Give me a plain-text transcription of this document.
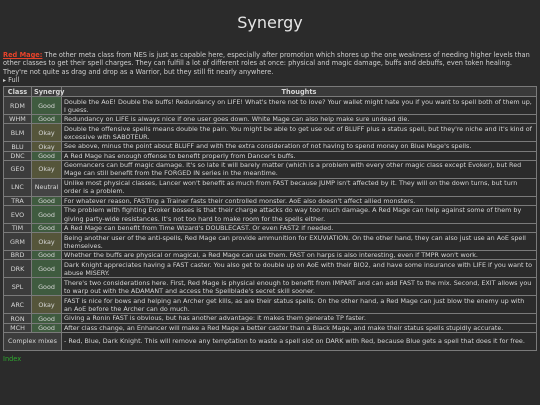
Synergy
Red Mage: The other meta class from NES is just as capable here, especially after promotion which shores up the one weakness of needing higher levels than other classes to get their spell charges. They can fulfill a lot of different roles at once: physical and magic damage, buffs and debuffs, even token healing. They're not quite as drag and drop as a Warrior, but they still fit nearly anywhere.
▸ Full
Class	Synergy	Thoughts
RDM	Good	Double the AoE! Double the buffs! Redundancy on LIFE! What's there not to love? Your wallet might hate you if you want to spell both of them up, I guess.
WHM	Good	Redundancy on LIFE is always nice if one user goes down. White Mage can also help make sure undead die.
BLM	Okay	Double the offensive spells means double the pain. You might be able to get use out of BLUFF plus a status spell, but they're niche and it's kind of excessive with SABOTEUR.
BLU	Okay	See above, minus the point about BLUFF and with the extra consideration of not having to spend money on Blue Mage's spells.
DNC	Good	A Red Mage has enough offense to benefit properly from Dancer's buffs.
GEO	Okay	Geomancers can buff magic damage. It's so late it will barely matter (which is a problem with every other magic class except Evoker), but Red Mage can still benefit from the FORGED IN series in the meantime.
LNC	Neutral	Unlike most physical classes, Lancer won't benefit as much from FAST because JUMP isn't affected by it. They will on the down turns, but turn order is a problem.
TRA	Good	For whatever reason, FASTing a Trainer fasts their controlled monster. AoE also doesn't affect allied monsters.
EVO	Good	The problem with fighting Evoker bosses is that their charge attacks do way too much damage. A Red Mage can help against some of them by giving party-wide resistances. It's not too hard to make room for the spells either.
TIM	Good	A Red Mage can benefit from Time Wizard's DOUBLECAST. Or even FAST2 if needed.
GRM	Okay	Being another user of the anti-spells, Red Mage can provide ammunition for EXUVIATION. On the other hand, they can also just use an AoE spell themselves.
BRD	Good	Whether the buffs are physical or magical, a Red Mage can use them. FAST on harps is also interesting, even if TMPR won't work.
DRK	Good	Dark Knight appreciates having a FAST caster. You also get to double up on AoE with their BIO2, and have some insurance with LIFE if you want to abuse MISERY.
SPL	Good	There's two considerations here. First, Red Mage is physical enough to benefit from IMPART and can add FAST to the mix. Second, EXIT allows you to warp out with the ADAMANT and access the Spellblade's secret skill sooner.
ARC	Okay	FAST is nice for bows and helping an Archer get kills, as are their status spells. On the other hand, a Red Mage can just blow the enemy up with an AoE before the Archer can do much.
RON	Good	Giving a Ronin FAST is obvious, but has another advantage: it makes them generate TP faster.
MCH	Good	After class change, an Enhancer will make a Red Mage a better caster than a Black Mage, and make their status spells stupidly accurate.
Complex mixes		- Red, Blue, Dark Knight. This will remove any temptation to waste a spell slot on DARK with Red, because Blue gets a spell that does it for free.
Index
